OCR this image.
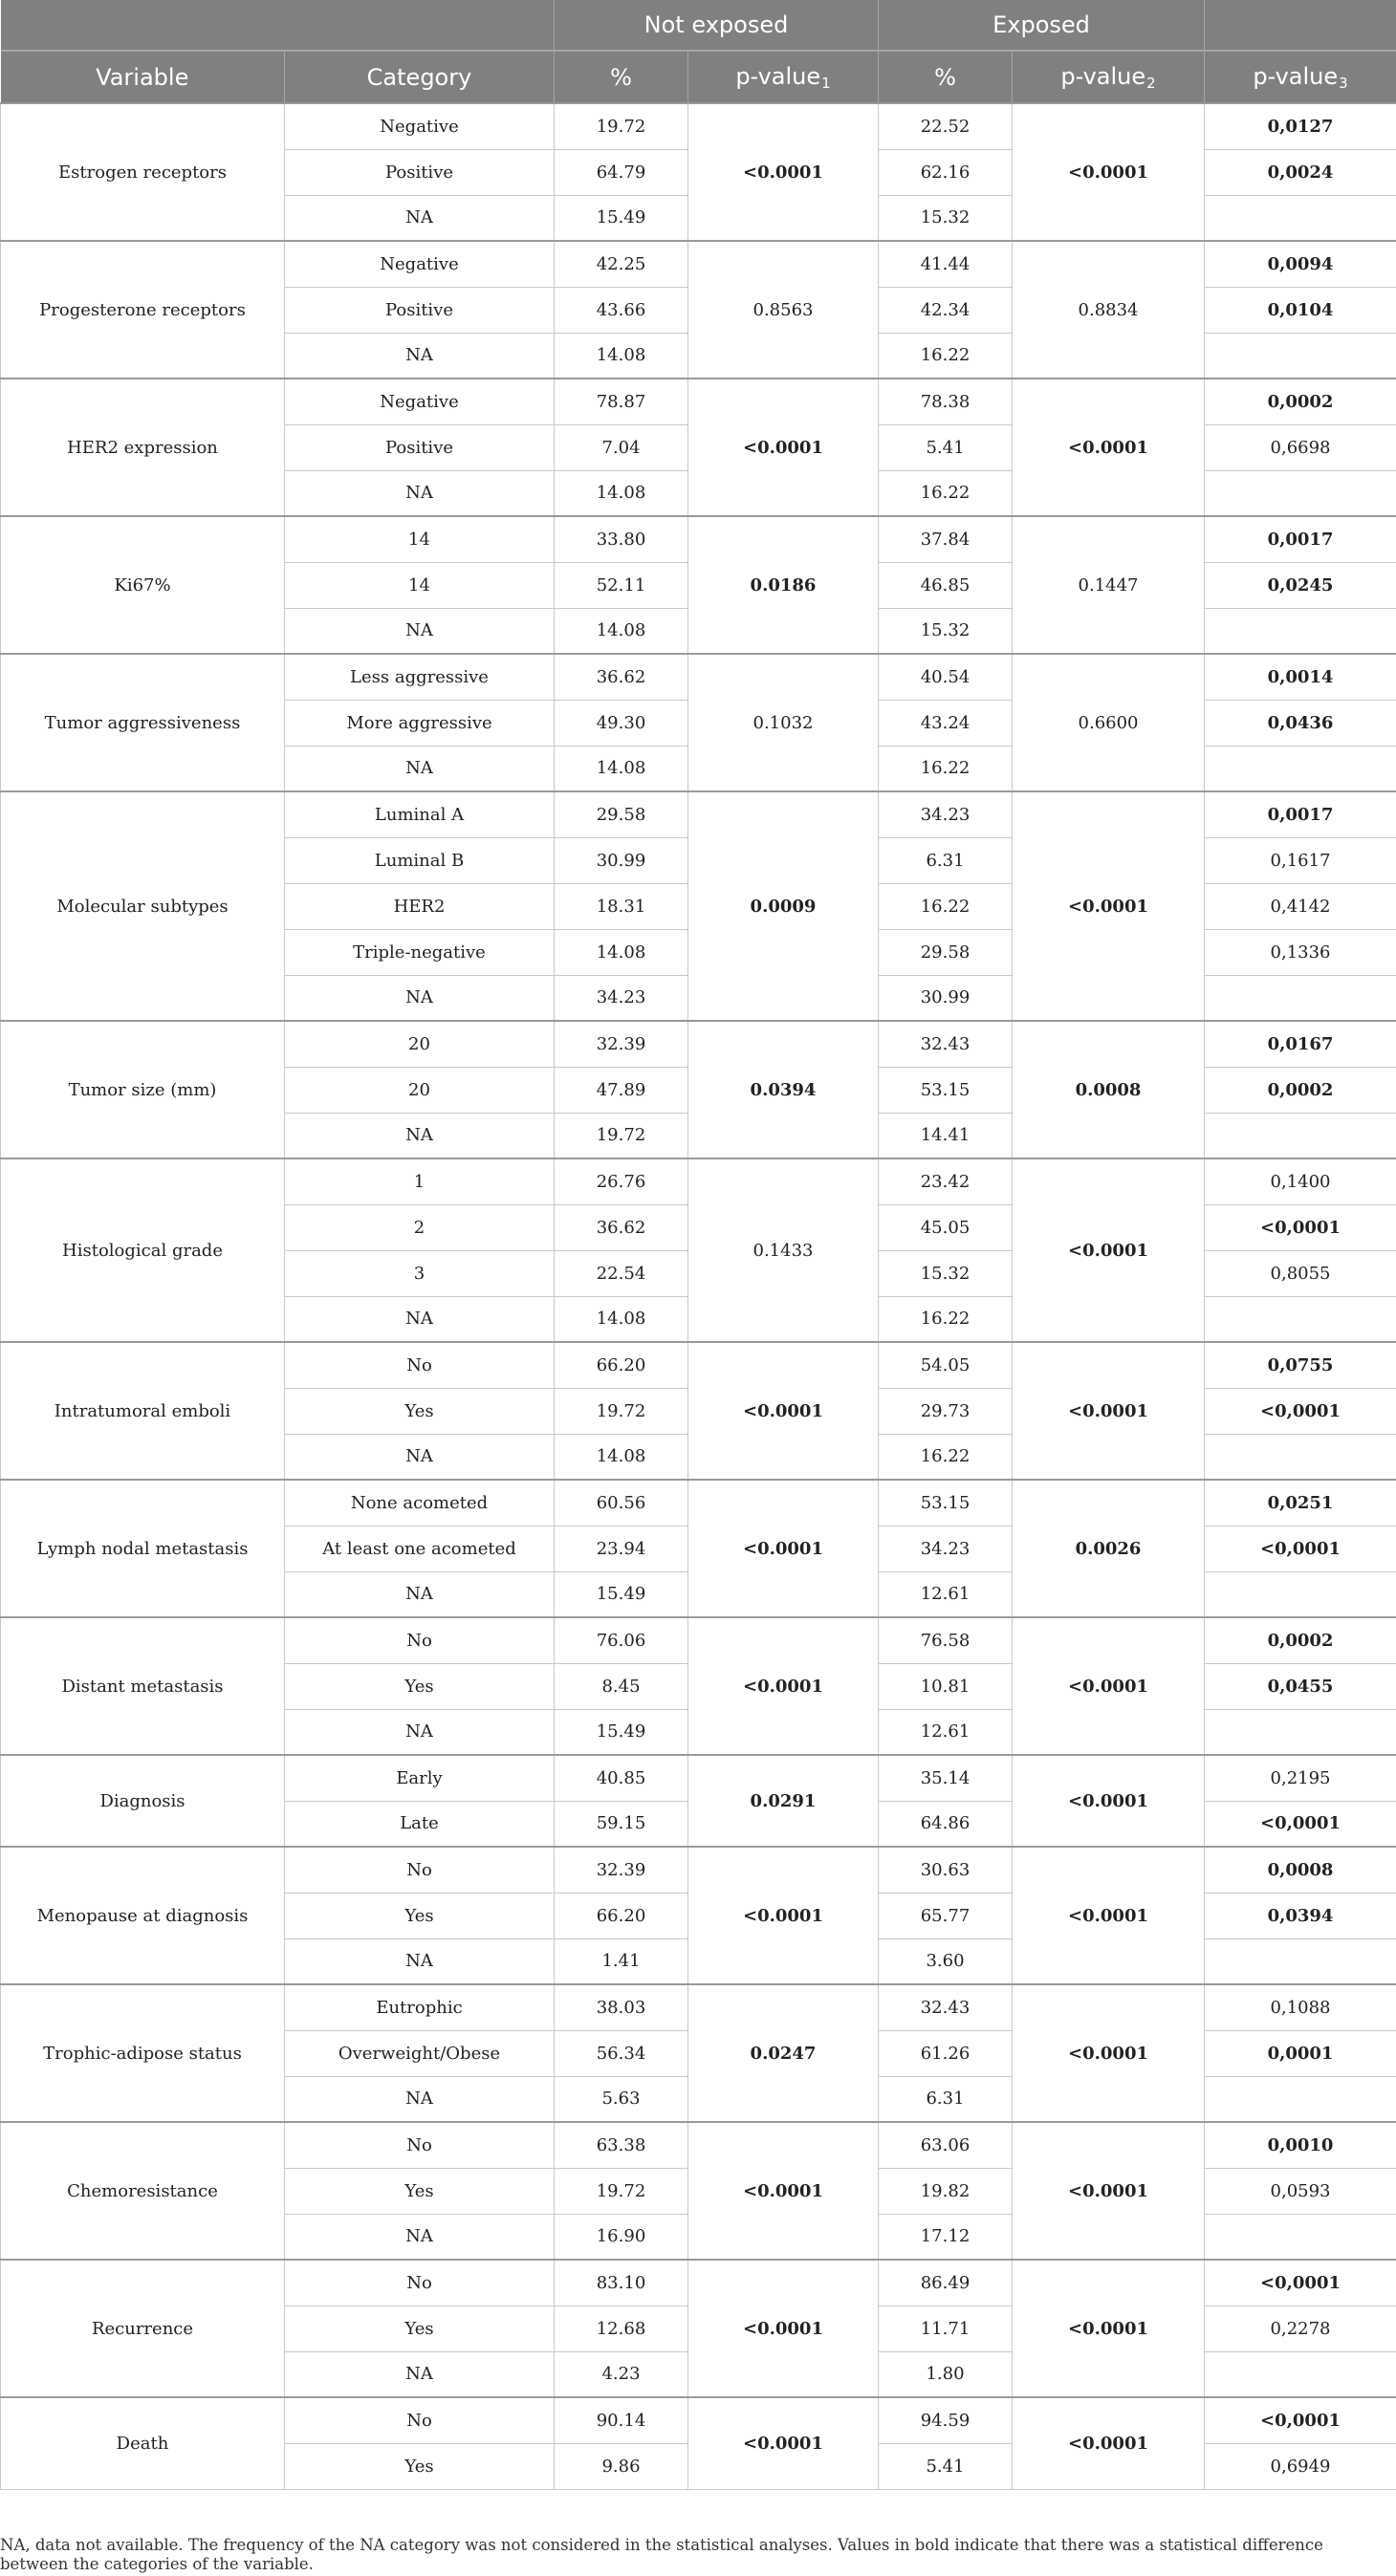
		Not exposed		Exposed		
Variable	Category	%	p-value$_1$	%	p-value$_2$	p-value$_3$
Estrogen receptors	Negative	19.72	<0.0001	22.52	<0.0001	0,0127
	Positive	64.79		62.16		0,0024
	NA	15.49		15.32		
Progesterone receptors	Negative	42.25	0.8563	41.44	0.8834	0,0094
	Positive	43.66		42.34		0,0104
	NA	14.08		16.22		
HER2 expression	Negative	78.87	<0.0001	78.38	<0.0001	0,0002
	Positive	7.04		5.41		0,6698
	NA	14.08		16.22		
Ki67%	14	33.80	0.0186	37.84	0.1447	0,0017
	14	52.11		46.85		0,0245
	NA	14.08		15.32		
Tumor aggressiveness	Less aggressive	36.62	0.1032	40.54	0.6600	0,0014
	More aggressive	49.30		43.24		0,0436
	NA	14.08		16.22		
Molecular subtypes	Luminal A	29.58	0.0009	34.23	<0.0001	0,0017
	Luminal B	30.99		6.31		0,1617
	HER2	18.31		16.22		0,4142
	Triple-negative	14.08		29.58		0,1336
	NA	34.23		30.99		
Tumor size (mm)	20	32.39	0.0394	32.43	0.0008	0,0167
	20	47.89		53.15		0,0002
	NA	19.72		14.41		
Histological grade	1	26.76	0.1433	23.42	<0.0001	0,1400
	2	36.62		45.05		<0,0001
	3	22.54		15.32		0,8055
	NA	14.08		16.22		
Intratumoral emboli	No	66.20	<0.0001	54.05	<0.0001	0,0755
	Yes	19.72		29.73		<0,0001
	NA	14.08		16.22		
Lymph nodal metastasis	None acometed	60.56	<0.0001	53.15	0.0026	0,0251
	At least one acometed	23.94		34.23		<0,0001
	NA	15.49		12.61		
Distant metastasis	No	76.06	<0.0001	76.58	<0.0001	0,0002
	Yes	8.45		10.81		0,0455
	NA	15.49		12.61		
Diagnosis	Early	40.85	0.0291	35.14	<0.0001	0,2195
	Late	59.15		64.86		<0,0001
Menopause at diagnosis	No	32.39	<0.0001	30.63	<0.0001	0,0008
	Yes	66.20		65.77		0,0394
	NA	1.41		3.60		
Trophic-adipose status	Eutrophic	38.03	0.0247	32.43	<0.0001	0,1088
	Overweight/Obese	56.34		61.26		0,0001
	NA	5.63		6.31		
Chemoresistance	No	63.38	<0.0001	63.06	<0.0001	0,0010
	Yes	19.72		19.82		0,0593
	NA	16.90		17.12		
Recurrence	No	83.10	<0.0001	86.49	<0.0001	<0,0001
	Yes	12.68		11.71		0,2278
	NA	4.23		1.80		
Death	No	90.14	<0.0001	94.59	<0.0001	<0,0001
	Yes	9.86		5.41		0,6949
NA, data not available. The frequency of the NA category was not considered in the statistical analyses. Values in bold indicate that there was a statistical difference between the categories of the variable.
